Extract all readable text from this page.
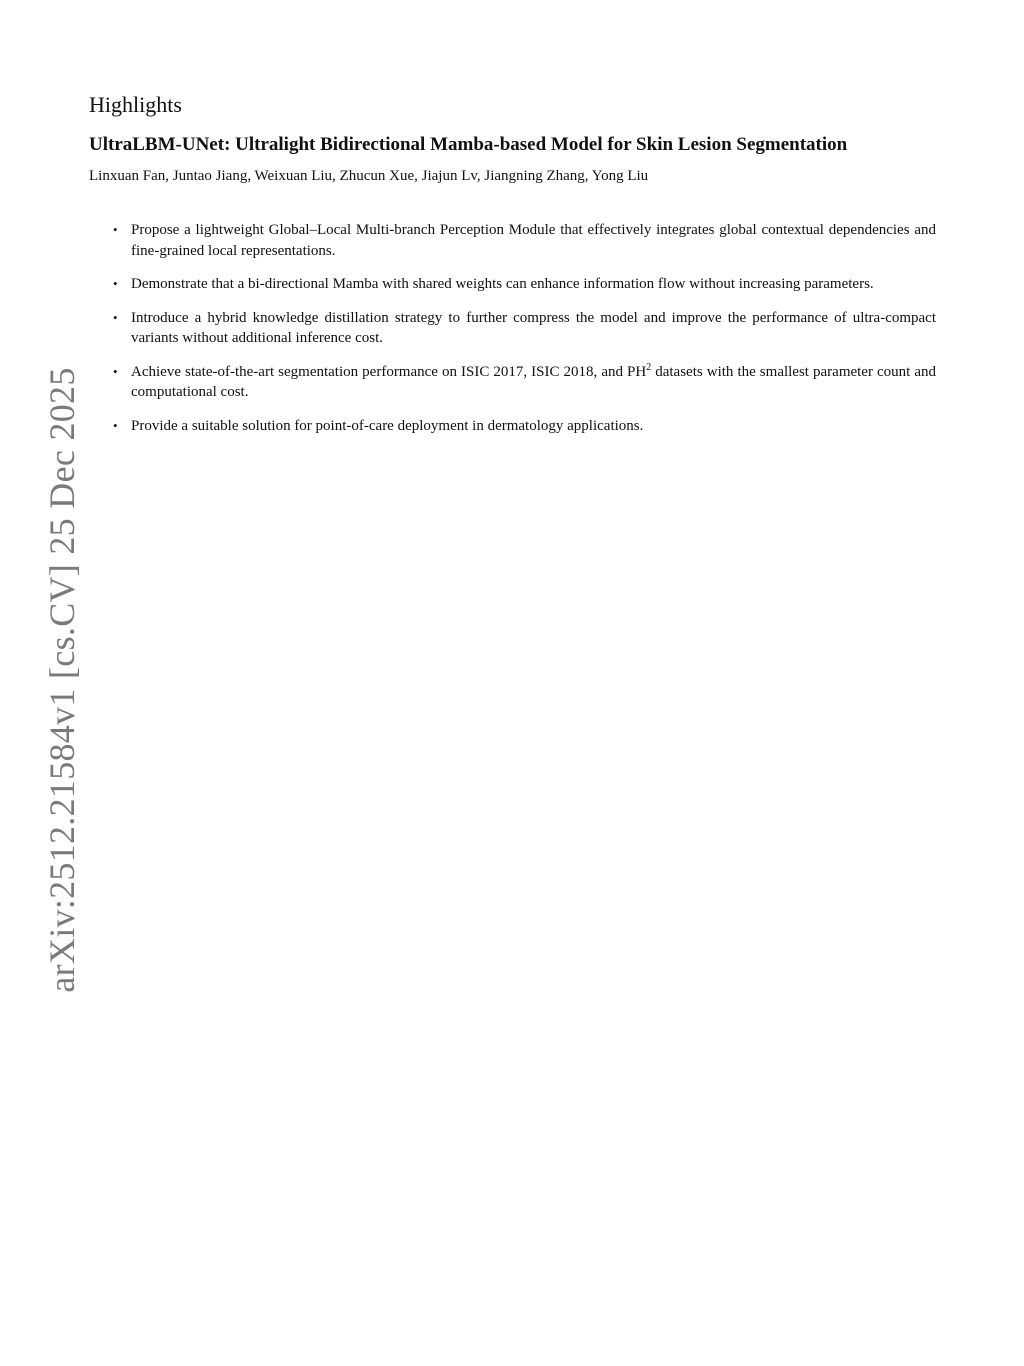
arXiv:2512.21584v1 [cs.CV] 25 Dec 2025
Highlights
UltraLBM-UNet: Ultralight Bidirectional Mamba-based Model for Skin Lesion Segmentation

Linxuan Fan, Juntao Jiang, Weixuan Liu, Zhucun Xue, Jiajun Lv, Jiangning Zhang, Yong Liu

• Propose a lightweight Global–Local Multi-branch Perception Module that effectively integrates global contextual dependencies and fine-grained local representations.
• Demonstrate that a bi-directional Mamba with shared weights can enhance information flow without increasing parameters.
• Introduce a hybrid knowledge distillation strategy to further compress the model and improve the performance of ultra-compact variants without additional inference cost.
• Achieve state-of-the-art segmentation performance on ISIC 2017, ISIC 2018, and $PH^2$ datasets with the smallest parameter count and computational cost.
• Provide a suitable solution for point-of-care deployment in dermatology applications.
